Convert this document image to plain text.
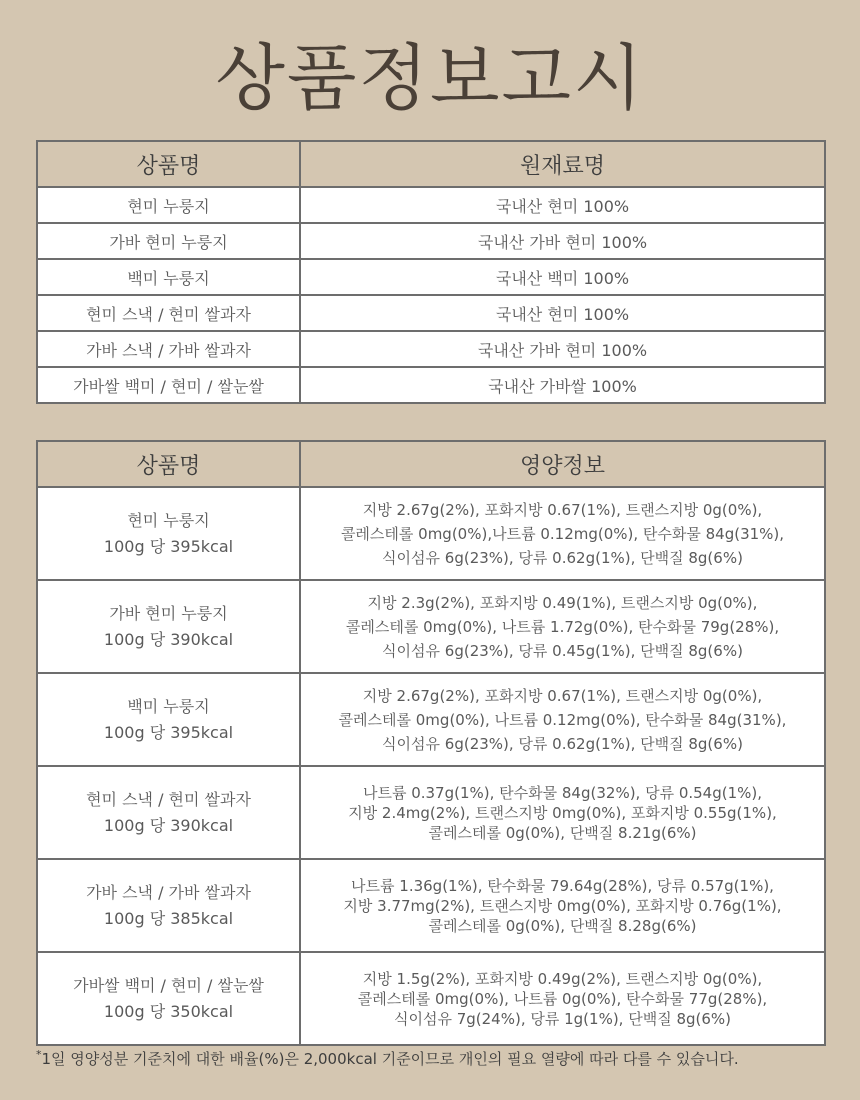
상품정보고시
상품명	원재료명
현미 누룽지	국내산 현미 100%
가바 현미 누룽지	국내산 가바 현미 100%
백미 누룽지	국내산 백미 100%
현미 스낵 / 현미 쌀과자	국내산 현미 100%
가바 스낵 / 가바 쌀과자	국내산 가바 현미 100%
가바쌀 백미 / 현미 / 쌀눈쌀	국내산 가바쌀 100%
상품명	영양정보

현미 누룽지
100g 당 395kcal	지방 2.67g(2%), 포화지방 0.67(1%), 트랜스지방 0g(0%),
콜레스테롤 0mg(0%),나트륨 0.12mg(0%), 탄수화물 84g(31%),
식이섬유 6g(23%), 당류 0.62g(1%), 단백질 8g(6%)

가바 현미 누룽지
100g 당 390kcal	지방 2.3g(2%), 포화지방 0.49(1%), 트랜스지방 0g(0%),
콜레스테롤 0mg(0%), 나트륨 1.72g(0%), 탄수화물 79g(28%),
식이섬유 6g(23%), 당류 0.45g(1%), 단백질 8g(6%)

백미 누룽지
100g 당 395kcal	지방 2.67g(2%), 포화지방 0.67(1%), 트랜스지방 0g(0%),
콜레스테롤 0mg(0%), 나트륨 0.12mg(0%), 탄수화물 84g(31%),
식이섬유 6g(23%), 당류 0.62g(1%), 단백질 8g(6%)

현미 스낵 / 현미 쌀과자
100g 당 390kcal	나트륨 0.37g(1%), 탄수화물 84g(32%), 당류 0.54g(1%),
지방 2.4mg(2%), 트랜스지방 0mg(0%), 포화지방 0.55g(1%),
콜레스테롤 0g(0%), 단백질 8.21g(6%)

가바 스낵 / 가바 쌀과자
100g 당 385kcal	나트륨 1.36g(1%), 탄수화물 79.64g(28%), 당류 0.57g(1%),
지방 3.77mg(2%), 트랜스지방 0mg(0%), 포화지방 0.76g(1%),
콜레스테롤 0g(0%), 단백질 8.28g(6%)

가바쌀 백미 / 현미 / 쌀눈쌀
100g 당 350kcal	지방 1.5g(2%), 포화지방 0.49g(2%), 트랜스지방 0g(0%),
콜레스테롤 0mg(0%), 나트륨 0g(0%), 탄수화물 77g(28%),
식이섬유 7g(24%), 당류 1g(1%), 단백질 8g(6%)

*1일 영양성분 기준치에 대한 배율(%)은 2,000kcal 기준이므로 개인의 필요 열량에 따라 다를 수 있습니다.
